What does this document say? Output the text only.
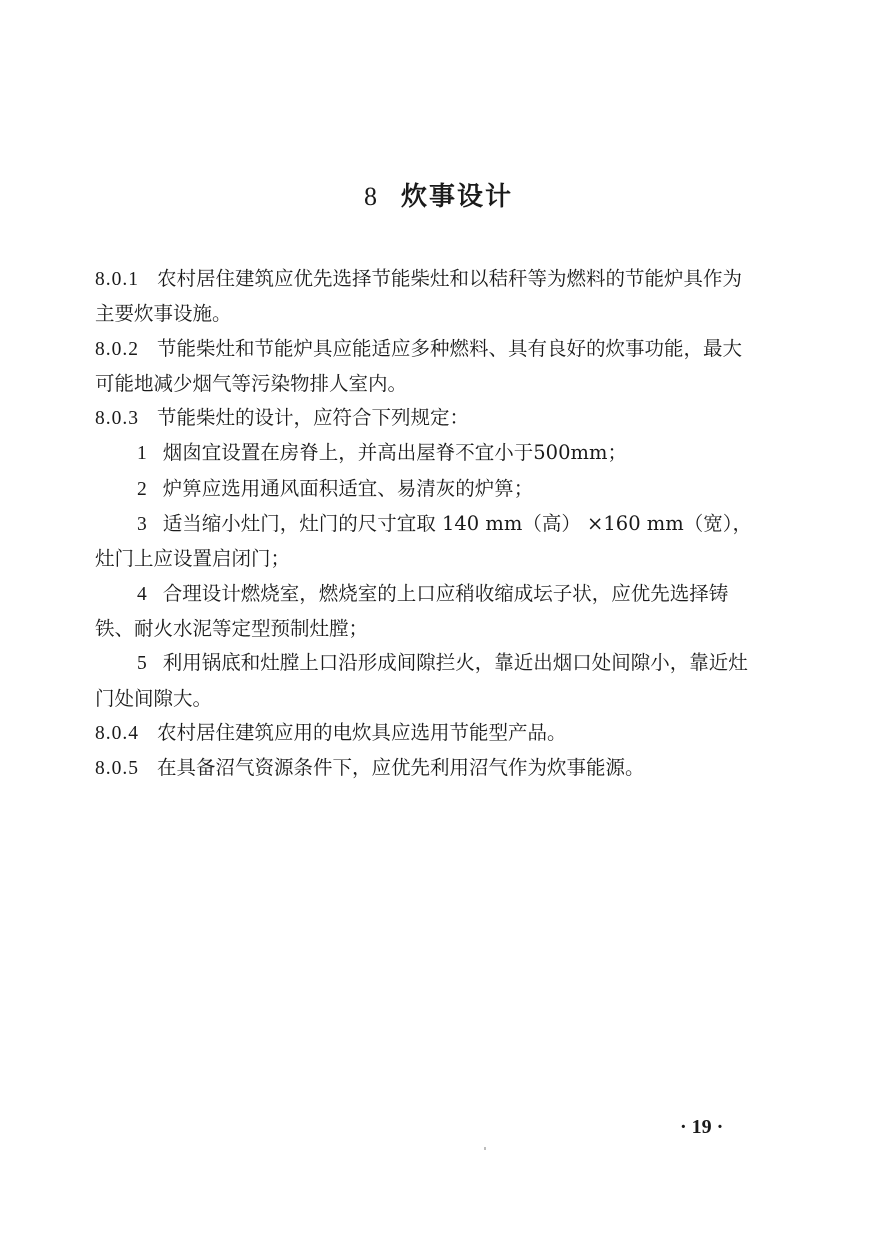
8 炊事设计

8.0.1 农村居住建筑应优先选择节能柴灶和以秸秆等为燃料的节能炉具作为主要炊事设施。

8.0.2 节能柴灶和节能炉具应能适应多种燃料、具有良好的炊事功能，最大可能地减少烟气等污染物排人室内。

8.0.3 节能柴灶的设计，应符合下列规定：

1 烟囱宜设置在房脊上，并高出屋脊不宜小于500mm；

2 炉箅应选用通风面积适宜、易清灰的炉箅；

3 适当缩小灶门，灶门的尺寸宜取 140 mm（高） ×160 mm（宽），灶门上应设置启闭门；

4 合理设计燃烧室，燃烧室的上口应稍收缩成坛子状，应优先选择铸铁、耐火水泥等定型预制灶膛；

5 利用锅底和灶膛上口沿形成间隙拦火，靠近出烟口处间隙小，靠近灶门处间隙大。

8.0.4 农村居住建筑应用的电炊具应选用节能型产品。

8.0.5 在具备沼气资源条件下，应优先利用沼气作为炊事能源。

· 19 ·
